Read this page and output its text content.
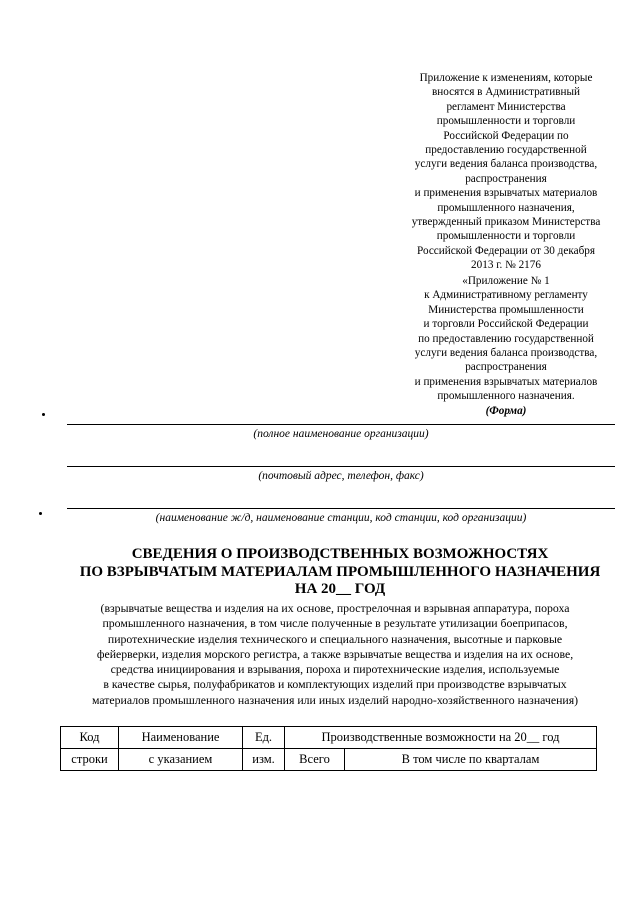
Приложение к изменениям, которые
вносятся в Административный
регламент Министерства
промышленности и торговли
Российской Федерации по
предоставлению государственной
услуги ведения баланса производства,
распространения
и применения взрывчатых материалов
промышленного назначения,
утвержденный приказом Министерства
промышленности и торговли
Российской Федерации от 30 декабря
2013 г. № 2176
«Приложение № 1
к Административному регламенту
Министерства промышленности
и торговли Российской Федерации
по предоставлению государственной
услуги ведения баланса производства,
распространения
и применения взрывчатых материалов
промышленного назначения.
(Форма)
(полное наименование организации)
(почтовый адрес, телефон, факс)
(наименование ж/д, наименование станции, код станции, код организации)
СВЕДЕНИЯ О ПРОИЗВОДСТВЕННЫХ ВОЗМОЖНОСТЯХ
ПО ВЗРЫВЧАТЫМ МАТЕРИАЛАМ ПРОМЫШЛЕННОГО НАЗНАЧЕНИЯ
НА 20__ ГОД
(взрывчатые вещества и изделия на их основе, прострелочная и взрывная аппаратура, пороха
промышленного назначения, в том числе полученные в результате утилизации боеприпасов,
пиротехнические изделия технического и специального назначения, высотные и парковые
фейерверки, изделия морского регистра, а также взрывчатые вещества и изделия на их основе,
средства инициирования и взрывания, пороха и пиротехнические изделия, используемые
в качестве сырья, полуфабрикатов и комплектующих изделий при производстве взрывчатых
материалов промышленного назначения или иных изделий народно-хозяйственного назначения)
Код	Наименование	Ед.	Производственные возможности на 20__ год	
строки	с указанием	изм.	Всего	В том числе по кварталам
